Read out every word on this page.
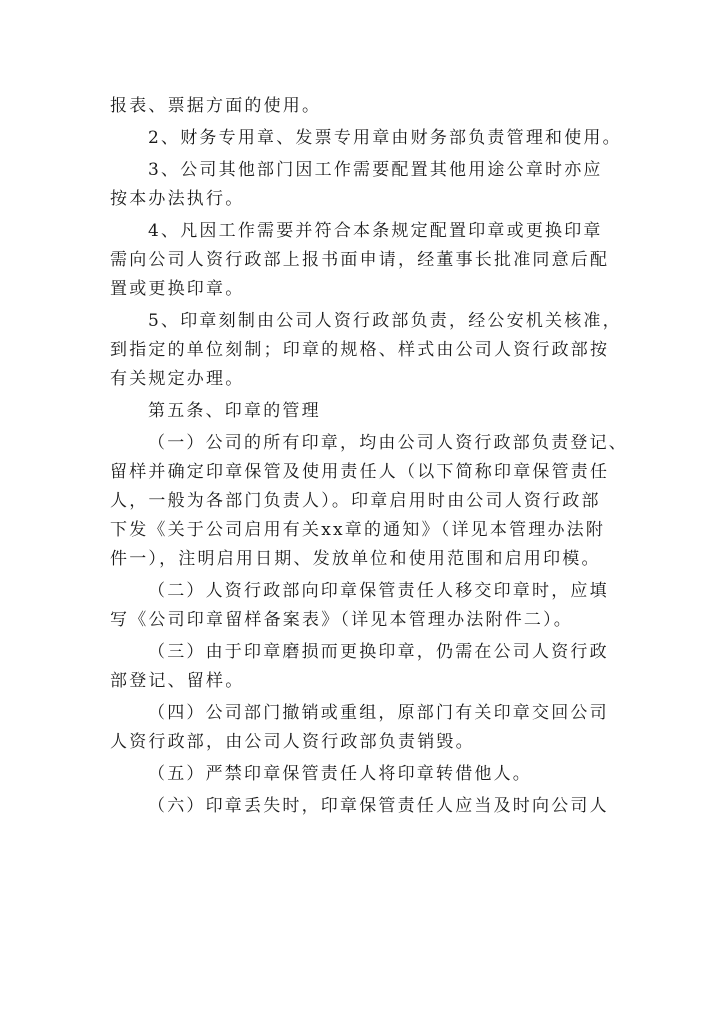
报表、票据方面的使用。
2、财务专用章、发票专用章由财务部负责管理和使用。
3、公司其他部门因工作需要配置其他用途公章时亦应
按本办法执行。
4、凡因工作需要并符合本条规定配置印章或更换印章
需向公司人资行政部上报书面申请，经董事长批准同意后配
置或更换印章。
5、印章刻制由公司人资行政部负责，经公安机关核准，
到指定的单位刻制；印章的规格、样式由公司人资行政部按
有关规定办理。
第五条、印章的管理
（一）公司的所有印章，均由公司人资行政部负责登记、
留样并确定印章保管及使用责任人（以下简称印章保管责任
人，一般为各部门负责人）。印章启用时由公司人资行政部
下发《关于公司启用有关xx章的通知》（详见本管理办法附
件一），注明启用日期、发放单位和使用范围和启用印模。
（二）人资行政部向印章保管责任人移交印章时，应填
写《公司印章留样备案表》（详见本管理办法附件二）。
（三）由于印章磨损而更换印章，仍需在公司人资行政
部登记、留样。
（四）公司部门撤销或重组，原部门有关印章交回公司
人资行政部，由公司人资行政部负责销毁。
（五）严禁印章保管责任人将印章转借他人。
（六）印章丢失时，印章保管责任人应当及时向公司人
